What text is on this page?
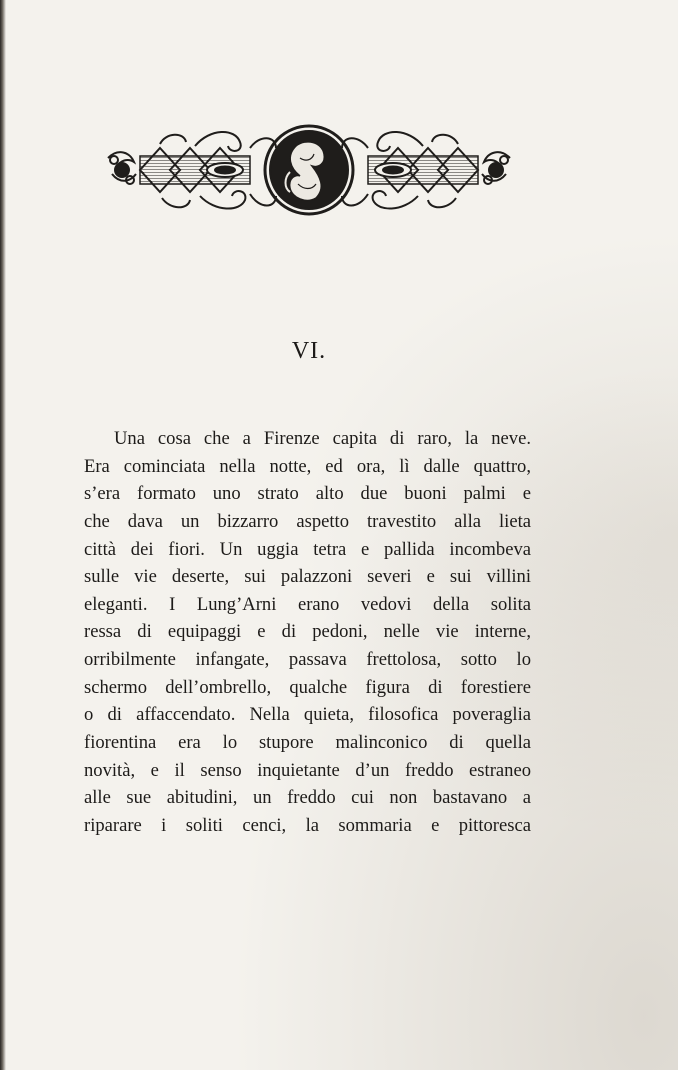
VI.
Una cosa che a Firenze capita di raro, la neve.
Era cominciata nella notte, ed ora, lì dalle quattro,
s’era formato uno strato alto due buoni palmi e
che dava un bizzarro aspetto travestito alla lieta
città dei fiori. Un uggia tetra e pallida incombeva
sulle vie deserte, sui palazzoni severi e sui villini
eleganti. I Lung’Arni erano vedovi della solita
ressa di equipaggi e di pedoni, nelle vie interne,
orribilmente infangate, passava frettolosa, sotto lo
schermo dell’ombrello, qualche figura di forestiere
o di affaccendato. Nella quieta, filosofica poveraglia
fiorentina era lo stupore malinconico di quella
novità, e il senso inquietante d’un freddo estraneo
alle sue abitudini, un freddo cui non bastavano a
riparare i soliti cenci, la sommaria e pittoresca
